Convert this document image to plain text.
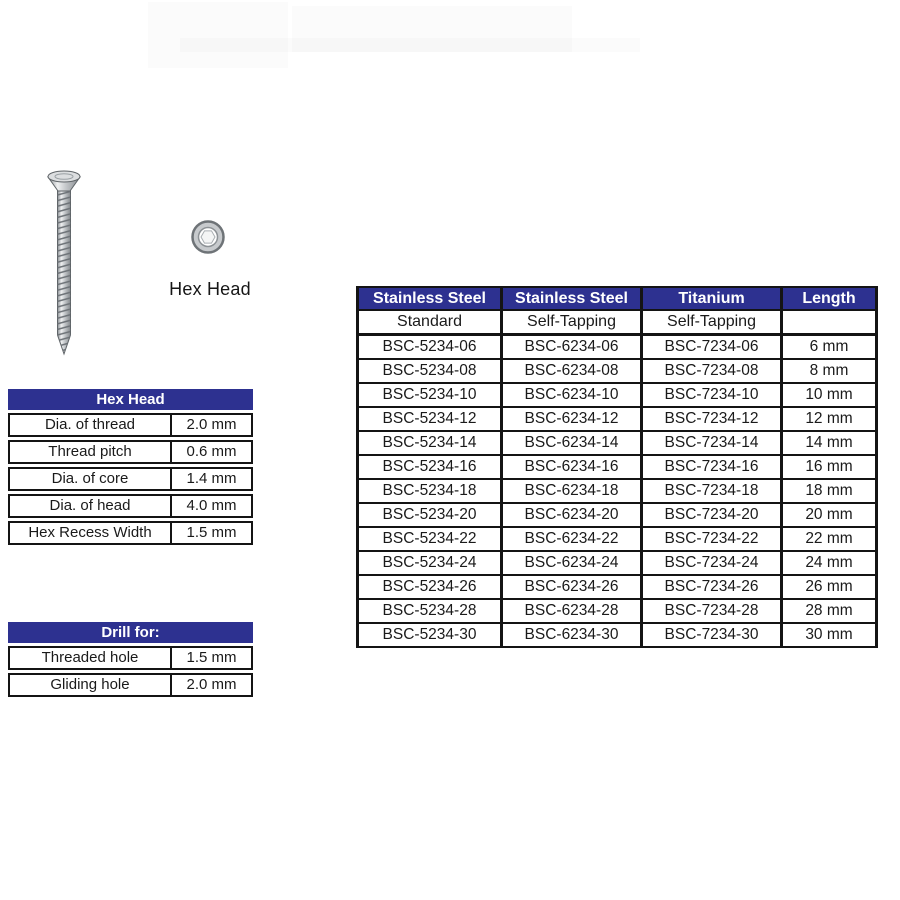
Hex Head
Hex Head
Dia. of thread	2.0 mm
Thread pitch	0.6 mm
Dia. of core	1.4 mm
Dia. of head	4.0 mm
Hex Recess Width	1.5 mm
Drill for:
Threaded hole	1.5 mm
Gliding hole	2.0 mm
Stainless Steel	Stainless Steel	Titanium	Length
Standard	Self-Tapping	Self-Tapping	
BSC-5234-06	BSC-6234-06	BSC-7234-06	6 mm
BSC-5234-08	BSC-6234-08	BSC-7234-08	8 mm
BSC-5234-10	BSC-6234-10	BSC-7234-10	10 mm
BSC-5234-12	BSC-6234-12	BSC-7234-12	12 mm
BSC-5234-14	BSC-6234-14	BSC-7234-14	14 mm
BSC-5234-16	BSC-6234-16	BSC-7234-16	16 mm
BSC-5234-18	BSC-6234-18	BSC-7234-18	18 mm
BSC-5234-20	BSC-6234-20	BSC-7234-20	20 mm
BSC-5234-22	BSC-6234-22	BSC-7234-22	22 mm
BSC-5234-24	BSC-6234-24	BSC-7234-24	24 mm
BSC-5234-26	BSC-6234-26	BSC-7234-26	26 mm
BSC-5234-28	BSC-6234-28	BSC-7234-28	28 mm
BSC-5234-30	BSC-6234-30	BSC-7234-30	30 mm
